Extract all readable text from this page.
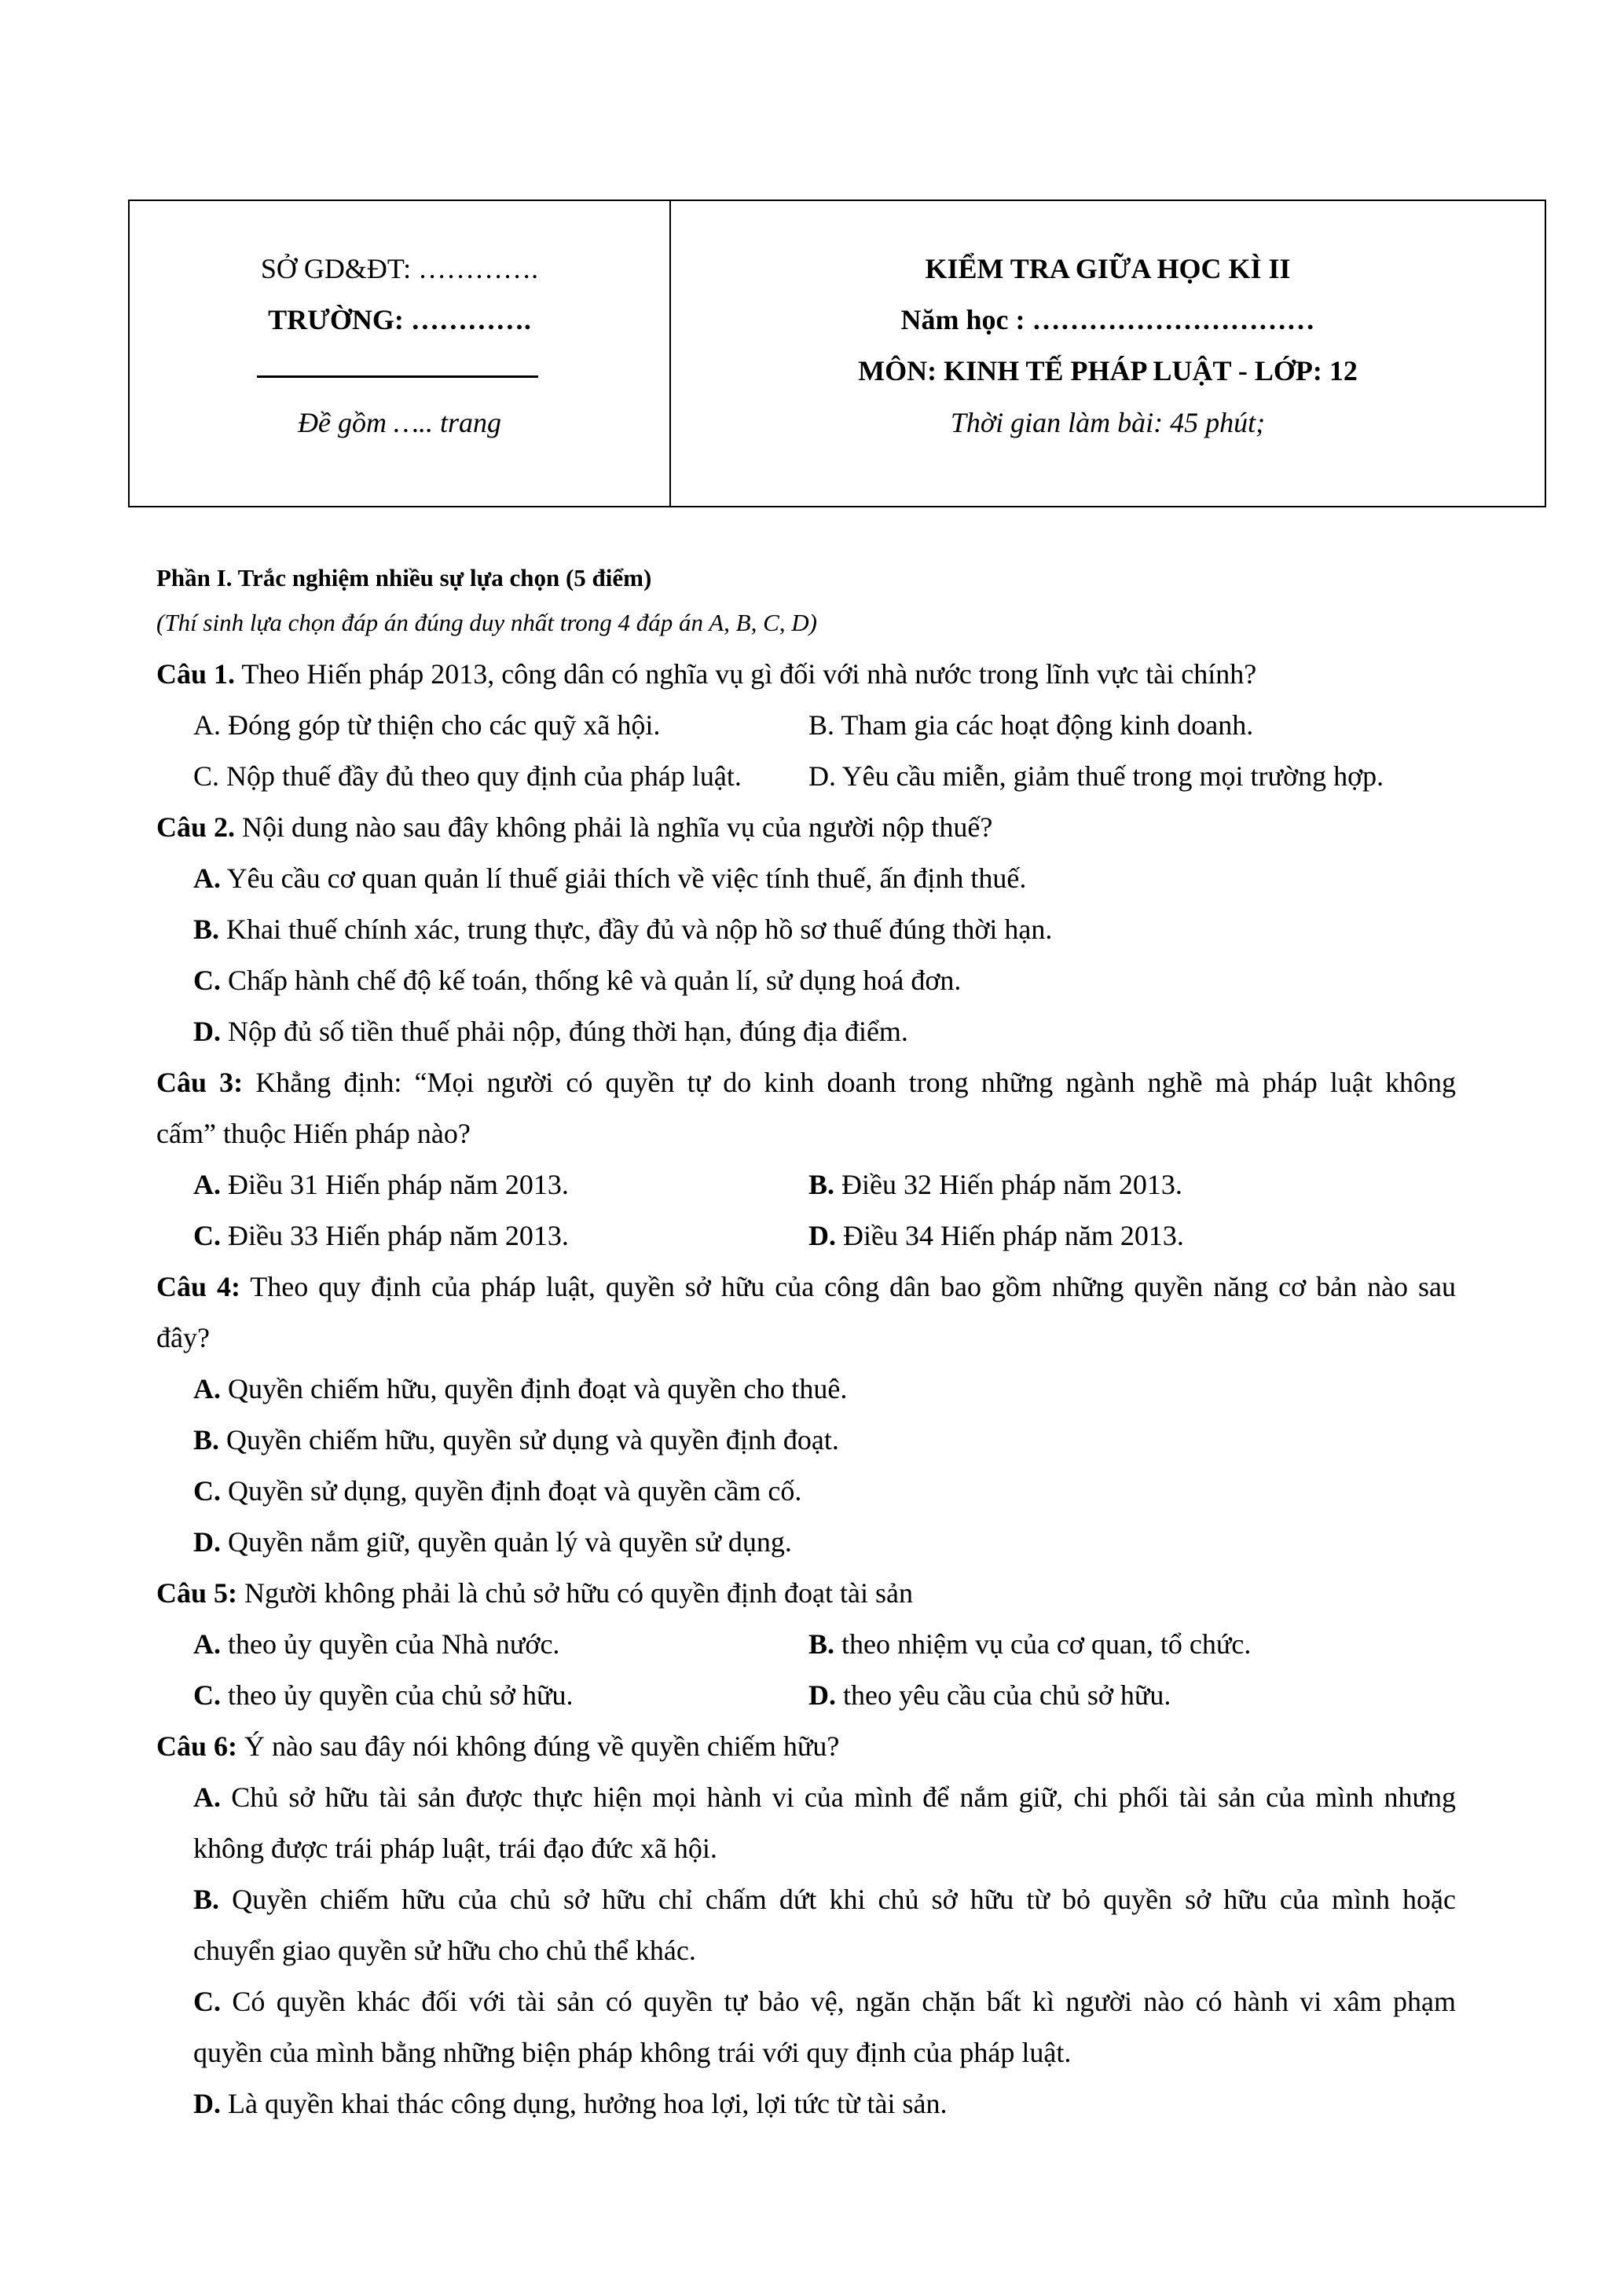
SỞ GD&ĐT: ………….
TRƯỜNG: ………….
Đề gồm ….. trang
KIỂM TRA GIỮA HỌC KÌ II
Năm học : …………………………
MÔN: KINH TẾ PHÁP LUẬT - LỚP: 12
Thời gian làm bài: 45 phút;
Phần I. Trắc nghiệm nhiều sự lựa chọn (5 điểm)
(Thí sinh lựa chọn đáp án đúng duy nhất trong 4 đáp án A, B, C, D)
Câu 1. Theo Hiến pháp 2013, công dân có nghĩa vụ gì đối với nhà nước trong lĩnh vực tài chính?
A. Đóng góp từ thiện cho các quỹ xã hội.	B. Tham gia các hoạt động kinh doanh.
C. Nộp thuế đầy đủ theo quy định của pháp luật. D. Yêu cầu miễn, giảm thuế trong mọi trường hợp.
Câu 2. Nội dung nào sau đây không phải là nghĩa vụ của người nộp thuế?
A. Yêu cầu cơ quan quản lí thuế giải thích về việc tính thuế, ấn định thuế.
B. Khai thuế chính xác, trung thực, đầy đủ và nộp hồ sơ thuế đúng thời hạn.
C. Chấp hành chế độ kế toán, thống kê và quản lí, sử dụng hoá đơn.
D. Nộp đủ số tiền thuế phải nộp, đúng thời hạn, đúng địa điểm.
Câu 3: Khẳng định: “Mọi người có quyền tự do kinh doanh trong những ngành nghề mà pháp luật không
cấm” thuộc Hiến pháp nào?
A. Điều 31 Hiến pháp năm 2013.	B. Điều 32 Hiến pháp năm 2013.
C. Điều 33 Hiến pháp năm 2013.	D. Điều 34 Hiến pháp năm 2013.
Câu 4: Theo quy định của pháp luật, quyền sở hữu của công dân bao gồm những quyền năng cơ bản nào sau
đây?
A. Quyền chiếm hữu, quyền định đoạt và quyền cho thuê.
B. Quyền chiếm hữu, quyền sử dụng và quyền định đoạt.
C. Quyền sử dụng, quyền định đoạt và quyền cầm cố.
D. Quyền nắm giữ, quyền quản lý và quyền sử dụng.
Câu 5: Người không phải là chủ sở hữu có quyền định đoạt tài sản
A. theo ủy quyền của Nhà nước.	B. theo nhiệm vụ của cơ quan, tổ chức.
C. theo ủy quyền của chủ sở hữu.	D. theo yêu cầu của chủ sở hữu.
Câu 6: Ý nào sau đây nói không đúng về quyền chiếm hữu?
A. Chủ sở hữu tài sản được thực hiện mọi hành vi của mình để nắm giữ, chi phối tài sản của mình nhưng
không được trái pháp luật, trái đạo đức xã hội.
B. Quyền chiếm hữu của chủ sở hữu chỉ chấm dứt khi chủ sở hữu từ bỏ quyền sở hữu của mình hoặc
chuyển giao quyền sử hữu cho chủ thể khác.
C. Có quyền khác đối với tài sản có quyền tự bảo vệ, ngăn chặn bất kì người nào có hành vi xâm phạm
quyền của mình bằng những biện pháp không trái với quy định của pháp luật.
D. Là quyền khai thác công dụng, hưởng hoa lợi, lợi tức từ tài sản.
